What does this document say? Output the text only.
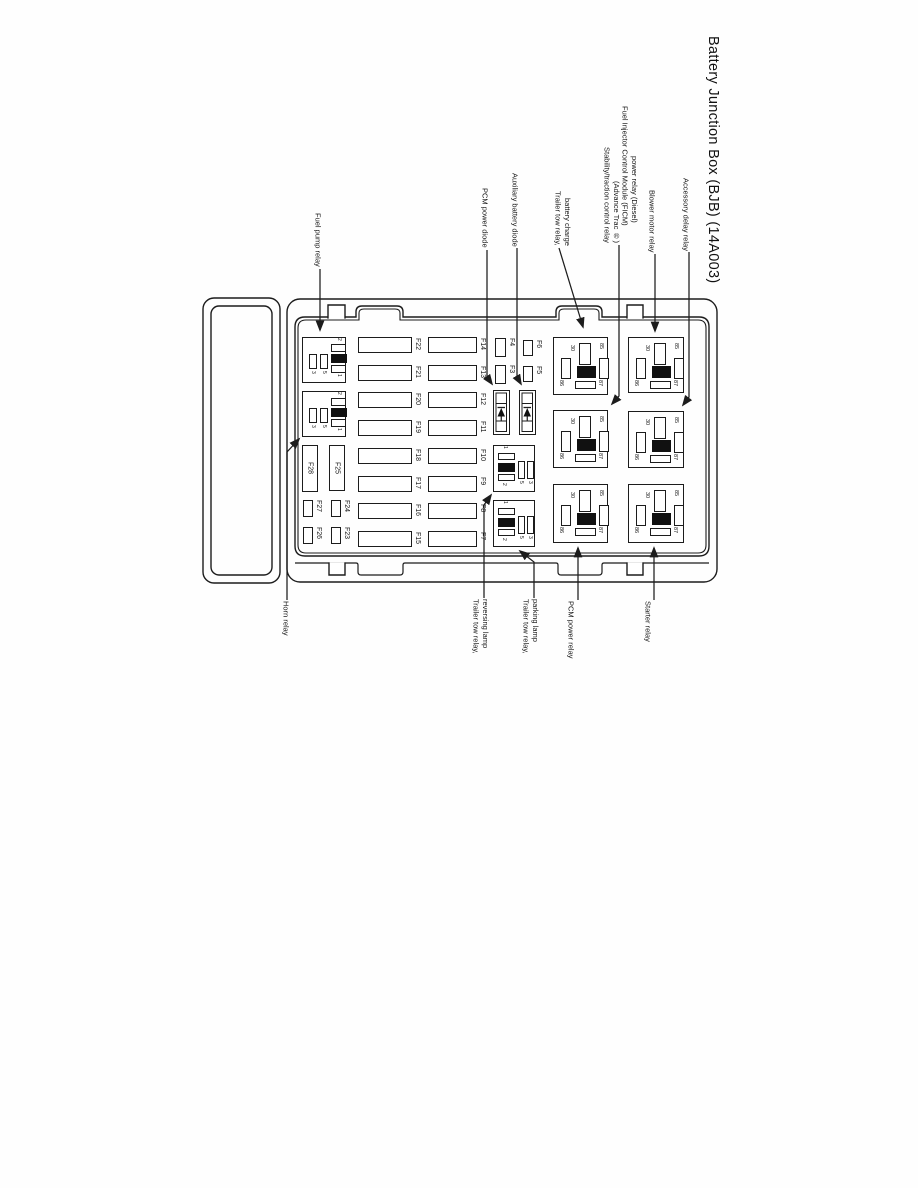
Battery Junction Box (BJB) (14A003)
Fuel pump relay	PCM power diode	Auxiliary battery diode	Trailer tow relay, battery charge	Stability/traction control relay (Advance Trac ®) Fuel Injector Control Module (FICM) power relay (Diesel) Blower motor relay	Accessory delay relay
Horn relay	Trailer tow relay, reversing lamp	Trailer tow relay, parking lamp	PCM power relay	Starter relay
F22
F21
F20
F19
F18
F17
F16
F15
F14
F13
F12
F11
F10
F9
F8
F7
F28	F25
F27	F24
F26	F23
F4
F3
F6
F5
30	85
86	87
30	85
86	87
30	85
86	87
30	85
86	87
30	85
86	87
30	85
86	87
2
1
3 5
2
1
3 5
1
2
5 3
1
2
5 3
